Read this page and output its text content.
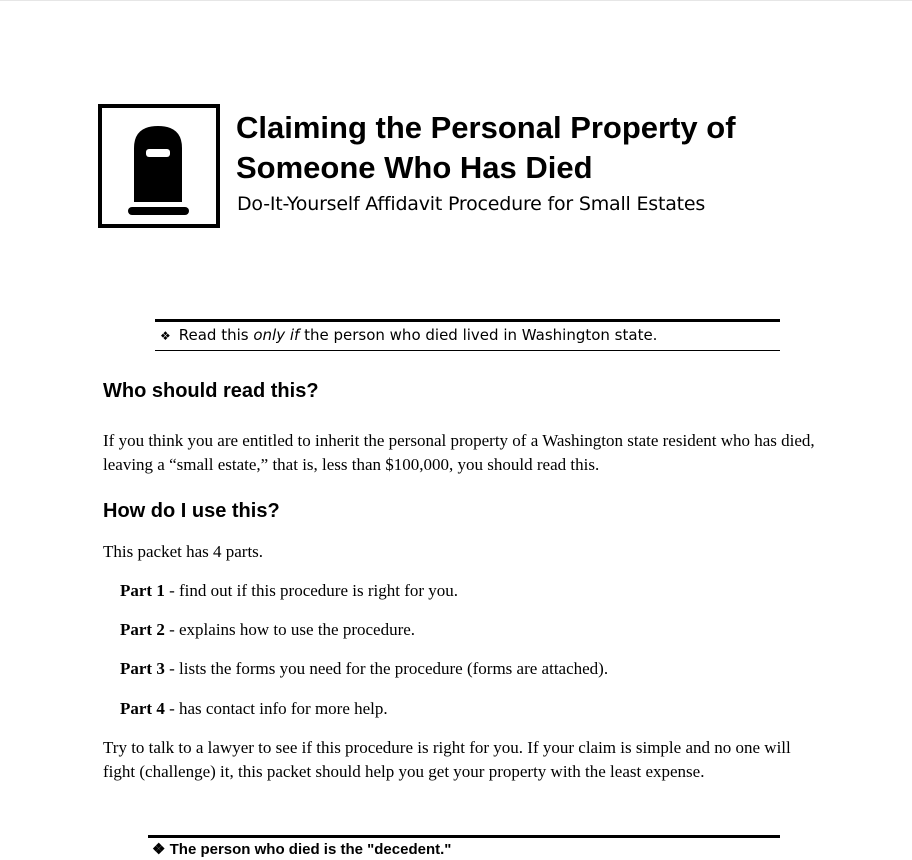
Claiming the Personal Property of
Someone Who Has Died
Do-It-Yourself Affidavit Procedure for Small Estates
❖ Read this only if the person who died lived in Washington state.
Who should read this?
If you think you are entitled to inherit the personal property of a Washington state resident who has died, leaving a “small estate,” that is, less than $100,000, you should read this.
How do I use this?
This packet has 4 parts.
Part 1 - find out if this procedure is right for you.
Part 2 - explains how to use the procedure.
Part 3 - lists the forms you need for the procedure (forms are attached).
Part 4 - has contact info for more help.
Try to talk to a lawyer to see if this procedure is right for you. If your claim is simple and no one will fight (challenge) it, this packet should help you get your property with the least expense.
❖ The person who died is the "decedent."
